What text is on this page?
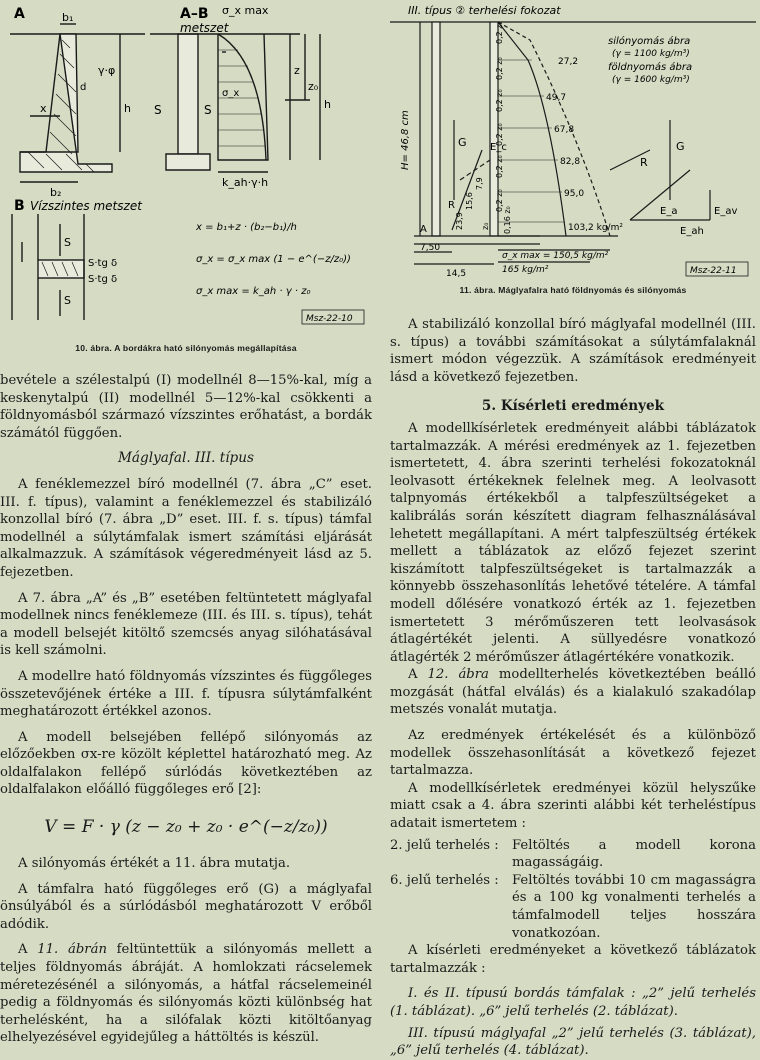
A	A–B
metszet
b₁
b₂
x
γ·φ
h
d
σ_x max
σ_x
z
z₀
h
k_ah·γ·h
S	S
B Vízszintes metszet
S
S
S·tg δ
S·tg δ
x = b₁+z · (b₂−b₁)/h
σ_x = σ_x max (1 − e^(−z/z₀))
σ_x max = k_ah · γ · z₀
Msz-22-10
10. ábra. A bordákra ható silónyomás megállapítása

bevétele a szélestalpú (I) modellnél 8—15%-kal, míg a keskenytalpú (II) modellnél 5—12%-kal csökkenti a földnyomásból származó vízszintes erőhatást, a bordák számától függően.

Máglyafal. III. típus

A fenéklemezzel bíró modellnél (7. ábra „C” eset. III. f. típus), valamint a fenéklemezzel és stabilizáló konzollal bíró (7. ábra „D” eset. III. f. s. típus) támfal modellnél a súlytámfalak ismert számítási eljárását alkalmazzuk. A számítások végeredményeit lásd az 5. fejezetben.

A 7. ábra „A” és „B” esetében feltüntetett máglyafal modellnek nincs fenéklemeze (III. és III. s. típus), tehát a modell belsejét kitöltő szemcsés anyag silóhatásával is kell számolni.

A modellre ható földnyomás vízszintes és függőleges összetevőjének értéke a III. f. típusra súlytámfalként meghatározott értékkel azonos.

A modell belsejében fellépő silónyomás az előzőekben σx-re közölt képlettel határozható meg. Az oldalfalakon fellépő súrlódás következtében az oldalfalakon előálló függőleges erő [2]:

V = F · γ (z − z₀ + z₀ · e^(−z/z₀))

A silónyomás értékét a 11. ábra mutatja.

A támfalra ható függőleges erő (G) a máglyafal önsúlyából és a súrlódásból meghatározott V erőből adódik.

A 11. ábrán feltüntettük a silónyomás mellett a teljes földnyomás ábráját. A homlokzati rácselemek méretezésénél a silónyomás, a hátfal rácselemeinél pedig a földnyomás és silónyomás közti különbség hat terhelésként, ha a silófalak közti kitöltőanyag elhelyezésével egyidejűleg a háttöltés is készül.

III. típus ② terhelési fokozat
silónyomás ábra
(γ = 1100 kg/m³)
földnyomás ábra
(γ = 1600 kg/m³)
H= 46,8 cm
27,2
49,7
67,8
82,8
95,0
103,2 kg/m²
σ_x max = 150,5 kg/m²
165 kg/m²
7,50
14,5
G E_c
R
A
G
R
E_a	E_av
E_ah
0,2 z₀
0,2 z₀
0,2 z₀
0,2 z₀
0,2 z₀
0,2 z₀
7,9
15,6
23,9 z₀ 0,16 z₀
Msz-22-11
11. ábra. Máglyafalra ható földnyomás és silónyomás

A stabilizáló konzollal bíró máglyafal modellnél (III. s. típus) a további számításokat a súlytámfalaknál ismert módon végezzük. A számítások eredményeit lásd a következő fejezetben.

5. Kísérleti eredmények

A modellkísérletek eredményeit alábbi táblázatok tartalmazzák. A mérési eredmények az 1. fejezetben ismertetett, 4. ábra szerinti terhelési fokozatoknál leolvasott értékeknek felelnek meg. A leolvasott talpnyomás értékekből a talpfeszültségeket a kalibrálás során készített diagram felhasználásával lehetett megállapítani. A mért talpfeszültség értékek mellett a táblázatok az előző fejezet szerint kiszámított talpfeszültségeket is tartalmazzák a könnyebb összehasonlítás lehetővé tételére. A támfal modell dőlésére vonatkozó érték az 1. fejezetben ismertetett 3 mérőműszeren tett leolvasások átlagértékét jelenti. A süllyedésre vonatkozó átlagérték 2 mérőműszer átlagértékére vonatkozik.

A 12. ábra modellterhelés következtében beálló mozgását (hátfal elválás) és a kialakuló szakadólap metszés vonalát mutatja.

Az eredmények értékelését és a különböző modellek összehasonlítását a következő fejezet tartalmazza.

A modellkísérletek eredményei közül helyszűke miatt csak a 4. ábra szerinti alábbi két terheléstípus adatait ismertetem :

2. jelű terhelés :	Feltöltés a modell korona magasságáig.
6. jelű terhelés :	Feltöltés további 10 cm magasságra és a 100 kg vonalmenti terhelés a támfalmodell teljes hosszára vonatkozóan.

A kísérleti eredményeket a következő táblázatok tartalmazzák :

I. és II. típusú bordás támfalak : „2” jelű terhelés (1. táblázat). „6” jelű terhelés (2. táblázat).

III. típusú máglyafal „2” jelű terhelés (3. táblázat), „6” jelű terhelés (4. táblázat).
